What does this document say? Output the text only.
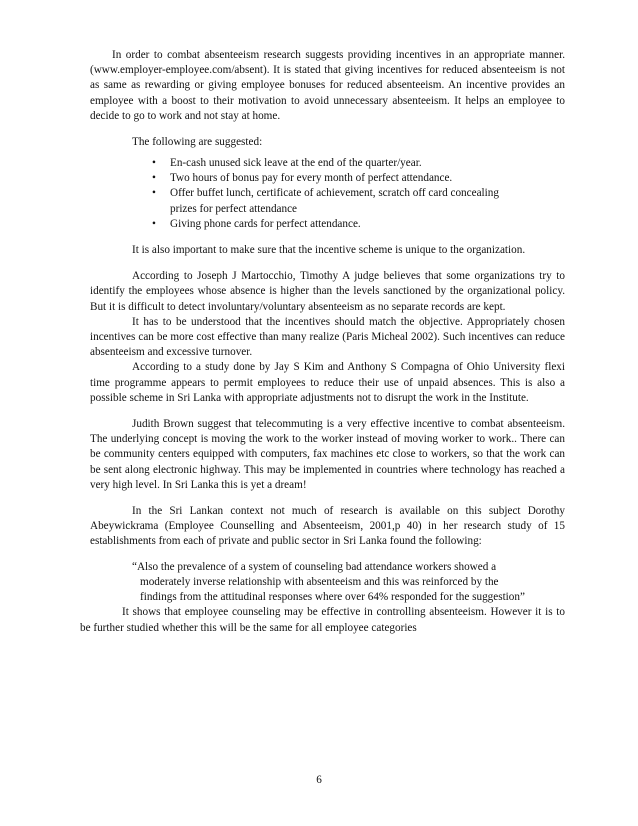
In order to combat absenteeism research suggests providing incentives in an appropriate manner.(www.employer-employee.com/absent). It is stated that giving incentives for reduced absenteeism is not as same as rewarding or giving employee bonuses for reduced absenteeism. An incentive provides an employee with a boost to their motivation to avoid unnecessary absenteeism. It helps an employee to decide to go to work and not stay at home.

The following are suggested:

• En-cash unused sick leave at the end of the quarter/year.
• Two hours of bonus pay for every month of perfect attendance.
• Offer buffet lunch, certificate of achievement, scratch off card concealing prizes for perfect attendance
• Giving phone cards for perfect attendance.

It is also important to make sure that the incentive scheme is unique to the organization.

According to Joseph J Martocchio, Timothy A judge believes that some organizations try to identify the employees whose absence is higher than the levels sanctioned by the organizational policy. But it is difficult to detect involuntary/voluntary absenteeism as no separate records are kept.

It has to be understood that the incentives should match the objective. Appropriately chosen incentives can be more cost effective than many realize (Paris Micheal 2002). Such incentives can reduce absenteeism and excessive turnover.

According to a study done by Jay S Kim and Anthony S Compagna of Ohio University flexi time programme appears to permit employees to reduce their use of unpaid absences. This is also a possible scheme in Sri Lanka with appropriate adjustments not to disrupt the work in the Institute.

Judith Brown suggest that telecommuting is a very effective incentive to combat absenteeism. The underlying concept is moving the work to the worker instead of moving worker to work.. There can be community centers equipped with computers, fax machines etc close to workers, so that the work can be sent along electronic highway. This may be implemented in countries where technology has reached a very high level. In Sri Lanka this is yet a dream!

In the Sri Lankan context not much of research is available on this subject Dorothy Abeywickrama (Employee Counselling and Absenteeism, 2001,p 40) in her research study of 15 establishments from each of private and public sector in Sri Lanka found the following:

“Also the prevalence of a system of counseling bad attendance workers showed a
moderately inverse relationship with absenteeism and this was reinforced by the findings from the attitudinal responses where over 64% responded for the suggestion”

It shows that employee counseling may be effective in controlling absenteeism. However it is to be further studied whether this will be the same for all employee categories

6
